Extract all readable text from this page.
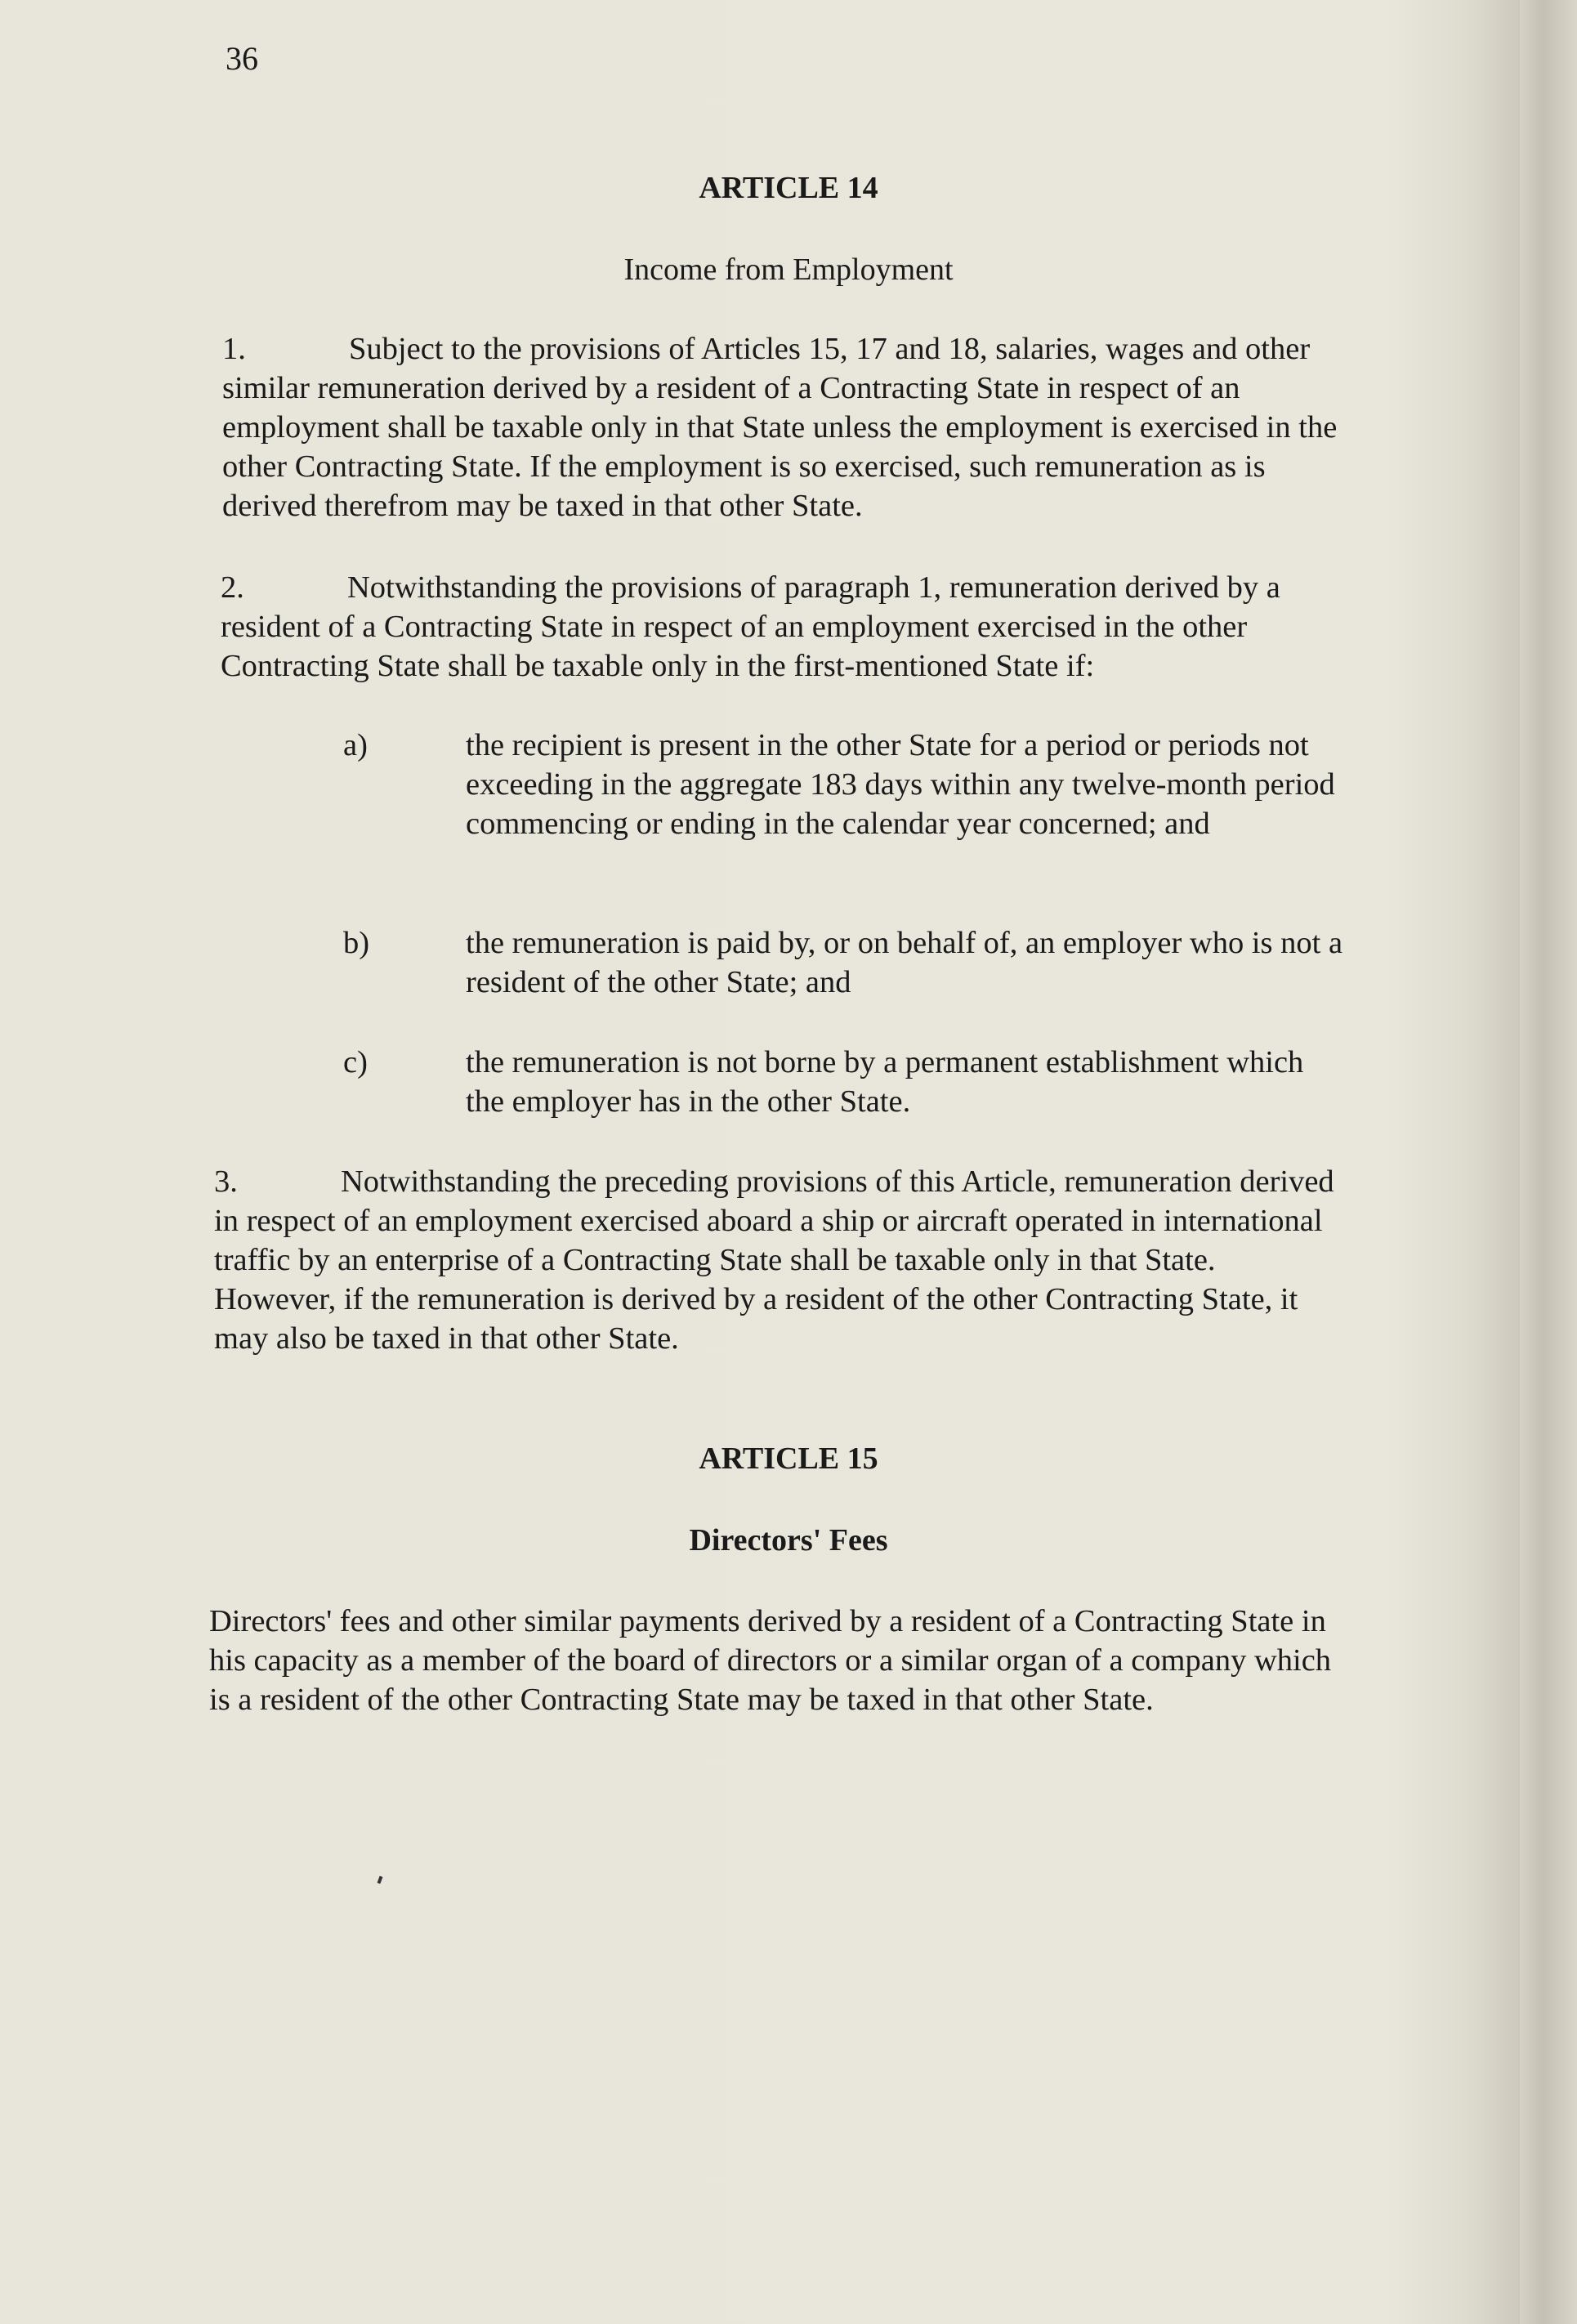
36
ARTICLE 14
Income from Employment

1.	Subject to the provisions of Articles 15, 17 and 18, salaries, wages and other similar remuneration derived by a resident of a Contracting State in respect of an employment shall be taxable only in that State unless the employment is exercised in the other Contracting State. If the employment is so exercised, such remuneration as is derived therefrom may be taxed in that other State.

2.	Notwithstanding the provisions of paragraph 1, remuneration derived by a resident of a Contracting State in respect of an employment exercised in the other Contracting State shall be taxable only in the first-mentioned State if:

a)	the recipient is present in the other State for a period or periods not exceeding in the aggregate 183 days within any twelve-month period commencing or ending in the calendar year concerned; and

b)	the remuneration is paid by, or on behalf of, an employer who is not a resident of the other State; and

c)	the remuneration is not borne by a permanent establishment which the employer has in the other State.

3.	Notwithstanding the preceding provisions of this Article, remuneration derived in respect of an employment exercised aboard a ship or aircraft operated in international traffic by an enterprise of a Contracting State shall be taxable only in that State. However, if the remuneration is derived by a resident of the other Contracting State, it may also be taxed in that other State.

ARTICLE 15
Directors' Fees

Directors' fees and other similar payments derived by a resident of a Contracting State in his capacity as a member of the board of directors or a similar organ of a company which is a resident of the other Contracting State may be taxed in that other State.
